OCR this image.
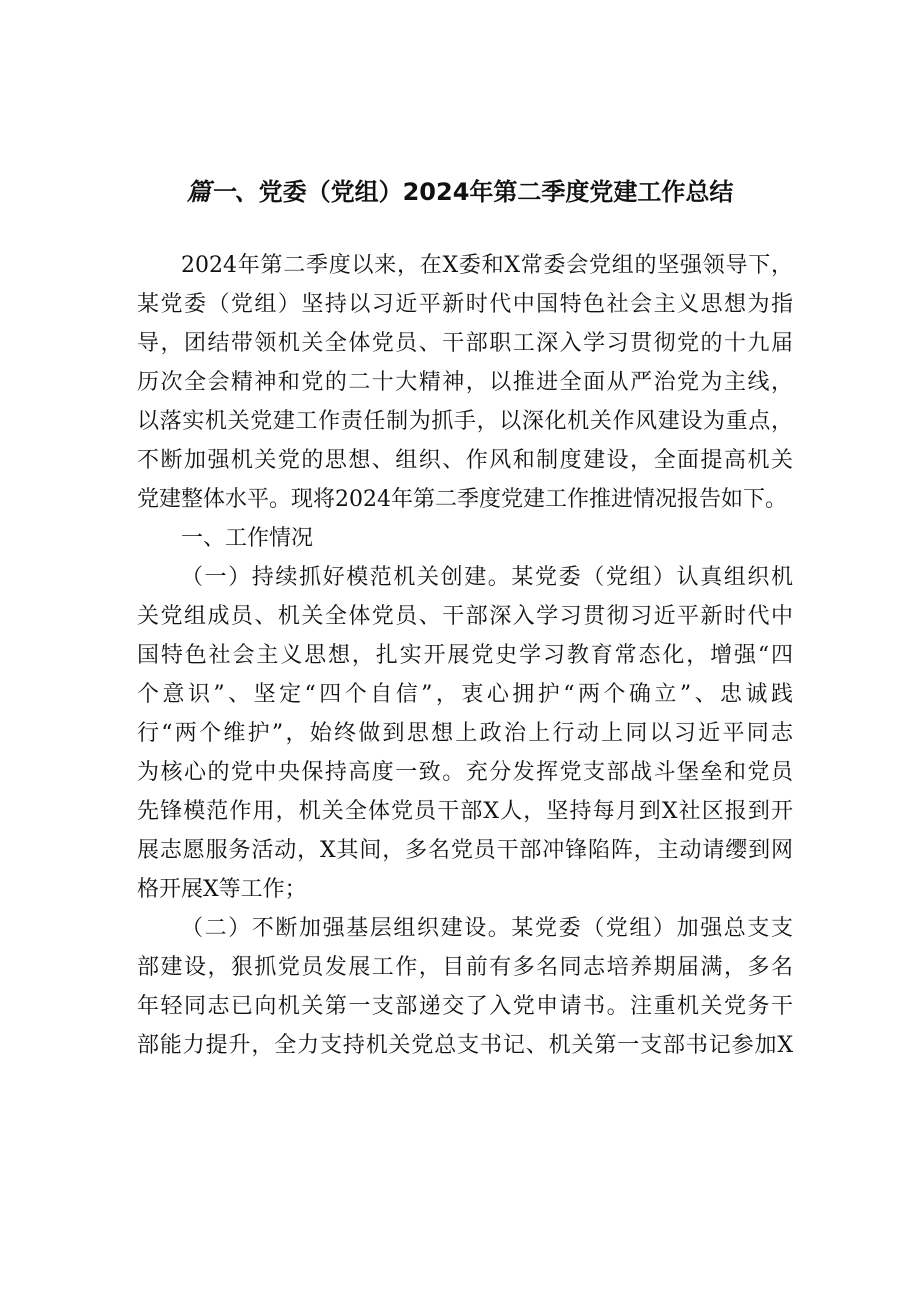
篇一、党委（党组）2024年第二季度党建工作总结
2024年第二季度以来，在X委和X常委会党组的坚强领导下，
某党委（党组）坚持以习近平新时代中国特色社会主义思想为指
导，团结带领机关全体党员、干部职工深入学习贯彻党的十九届
历次全会精神和党的二十大精神，以推进全面从严治党为主线，
以落实机关党建工作责任制为抓手，以深化机关作风建设为重点，
不断加强机关党的思想、组织、作风和制度建设，全面提高机关
党建整体水平。现将2024年第二季度党建工作推进情况报告如下。
一、工作情况
（一）持续抓好模范机关创建。某党委（党组）认真组织机
关党组成员、机关全体党员、干部深入学习贯彻习近平新时代中
国特色社会主义思想，扎实开展党史学习教育常态化，增强“四
个意识”、坚定“四个自信”，衷心拥护“两个确立”、忠诚践
行“两个维护”，始终做到思想上政治上行动上同以习近平同志
为核心的党中央保持高度一致。充分发挥党支部战斗堡垒和党员
先锋模范作用，机关全体党员干部X人，坚持每月到X社区报到开
展志愿服务活动，X其间，多名党员干部冲锋陷阵，主动请缨到网
格开展X等工作；
（二）不断加强基层组织建设。某党委（党组）加强总支支
部建设，狠抓党员发展工作，目前有多名同志培养期届满，多名
年轻同志已向机关第一支部递交了入党申请书。注重机关党务干
部能力提升，全力支持机关党总支书记、机关第一支部书记参加X
